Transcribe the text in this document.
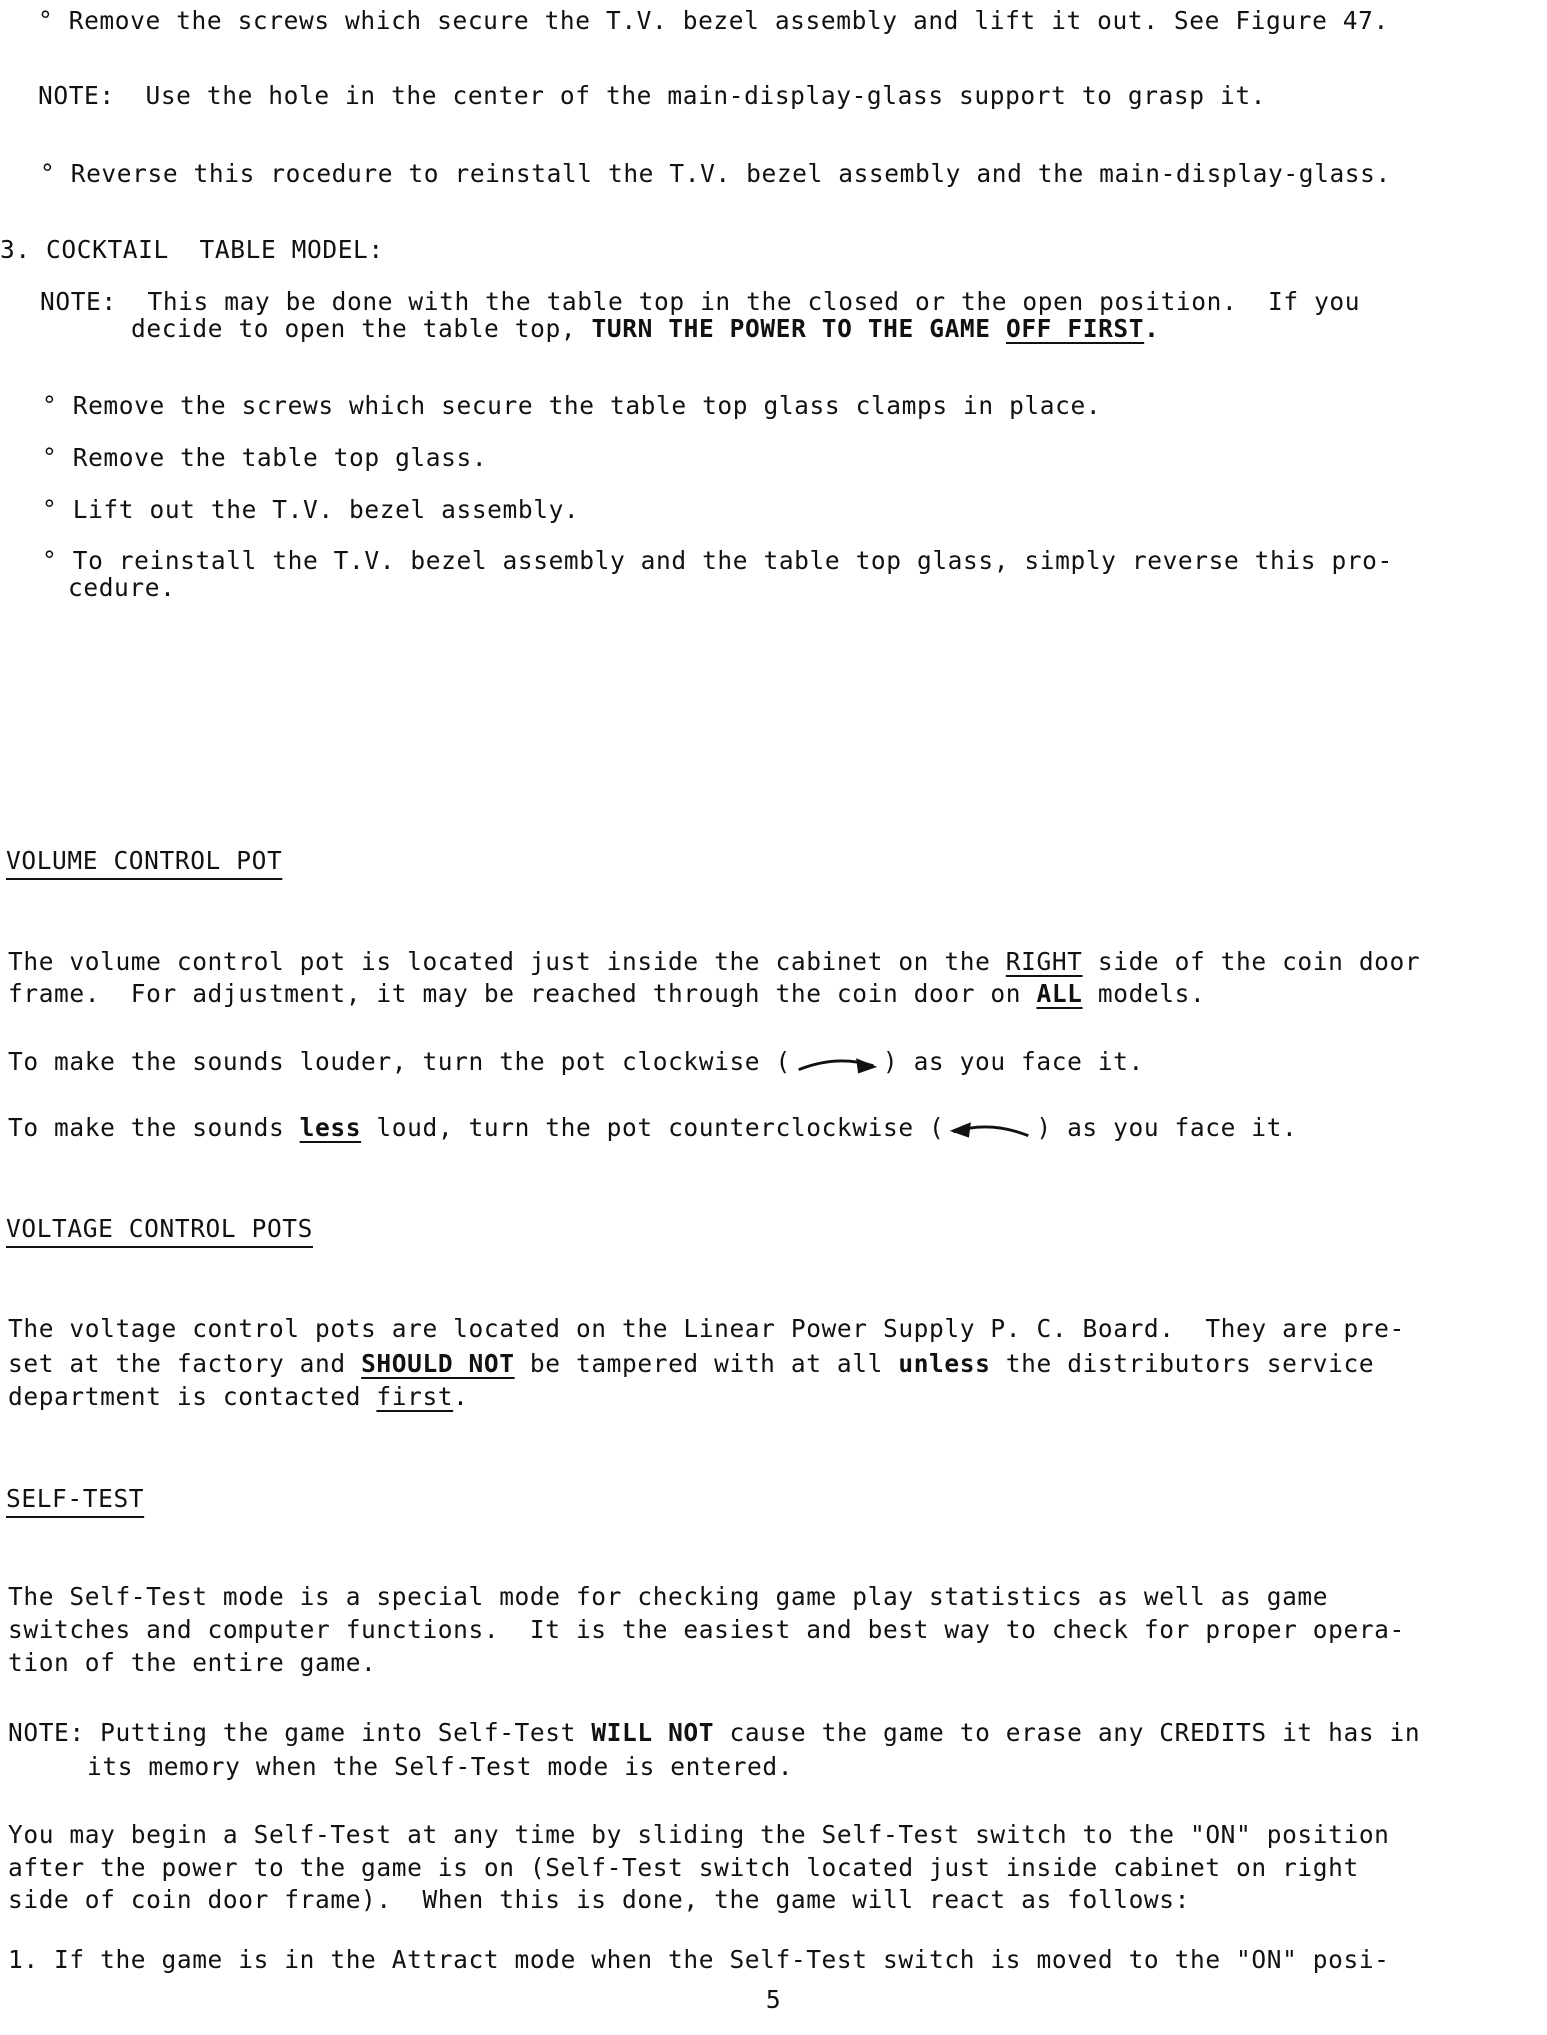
° Remove the screws which secure the T.V. bezel assembly and lift it out. See Figure 47.
NOTE: Use the hole in the center of the main-display-glass support to grasp it.
° Reverse this rocedure to reinstall the T.V. bezel assembly and the main-display-glass.
3. COCKTAIL  TABLE MODEL:
NOTE: This may be done with the table top in the closed or the open position.  If you
decide to open the table top, TURN THE POWER TO THE GAME OFF FIRST.
° Remove the screws which secure the table top glass clamps in place.
° Remove the table top glass.
° Lift out the T.V. bezel assembly.
° To reinstall the T.V. bezel assembly and the table top glass, simply reverse this pro-
cedure.
VOLUME CONTROL POT
The volume control pot is located just inside the cabinet on the RIGHT side of the coin door
frame.  For adjustment, it may be reached through the coin door on ALL models.
To make the sounds louder, turn the pot clockwise (	) as you face it.
To make the sounds less loud, turn the pot counterclockwise (	) as you face it.
VOLTAGE CONTROL POTS
The voltage control pots are located on the Linear Power Supply P. C. Board.  They are pre-
set at the factory and SHOULD NOT be tampered with at all unless the distributors service
department is contacted first.
SELF-TEST
The Self-Test mode is a special mode for checking game play statistics as well as game
switches and computer functions.  It is the easiest and best way to check for proper opera-
tion of the entire game.
NOTE: Putting the game into Self-Test WILL NOT cause the game to erase any CREDITS it has in
its memory when the Self-Test mode is entered.
You may begin a Self-Test at any time by sliding the Self-Test switch to the "ON" position
after the power to the game is on (Self-Test switch located just inside cabinet on right
side of coin door frame).  When this is done, the game will react as follows:
1. If the game is in the Attract mode when the Self-Test switch is moved to the "ON" posi-
5
